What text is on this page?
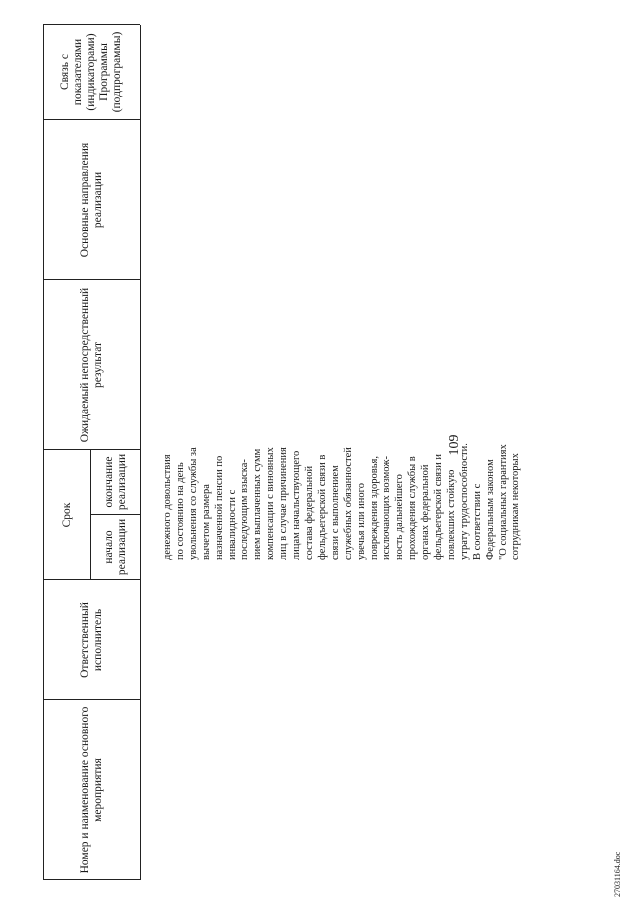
109
27031164.doc
Номер и наименование основного мероприятия
Ответственный исполнитель
Срок
начало реализации
окончание реализации
Ожидаемый непосредственный результат
Основные направления реализации
Связь с показателями (индикаторами) Программы (подпрограммы)
денежного довольствия по состоянию на день увольнения со службы за вычетом размера назначенной пенсии по инвалидности с последующим взыска- нием выплаченных сумм компенсации с виновных лиц в случае причинения лицам начальствующего состава федеральной фельдъегерской связи в связи с выполнением служебных обязанностей увечья или иного повреждения здоровья, исключающих возмож- ность дальнейшего прохождения службы в органах федеральной фельдъегерской связи и повлекших стойкую утрату трудоспособности. В соответствии с Федеральным законом "О социальных гарантиях сотрудникам некоторых
